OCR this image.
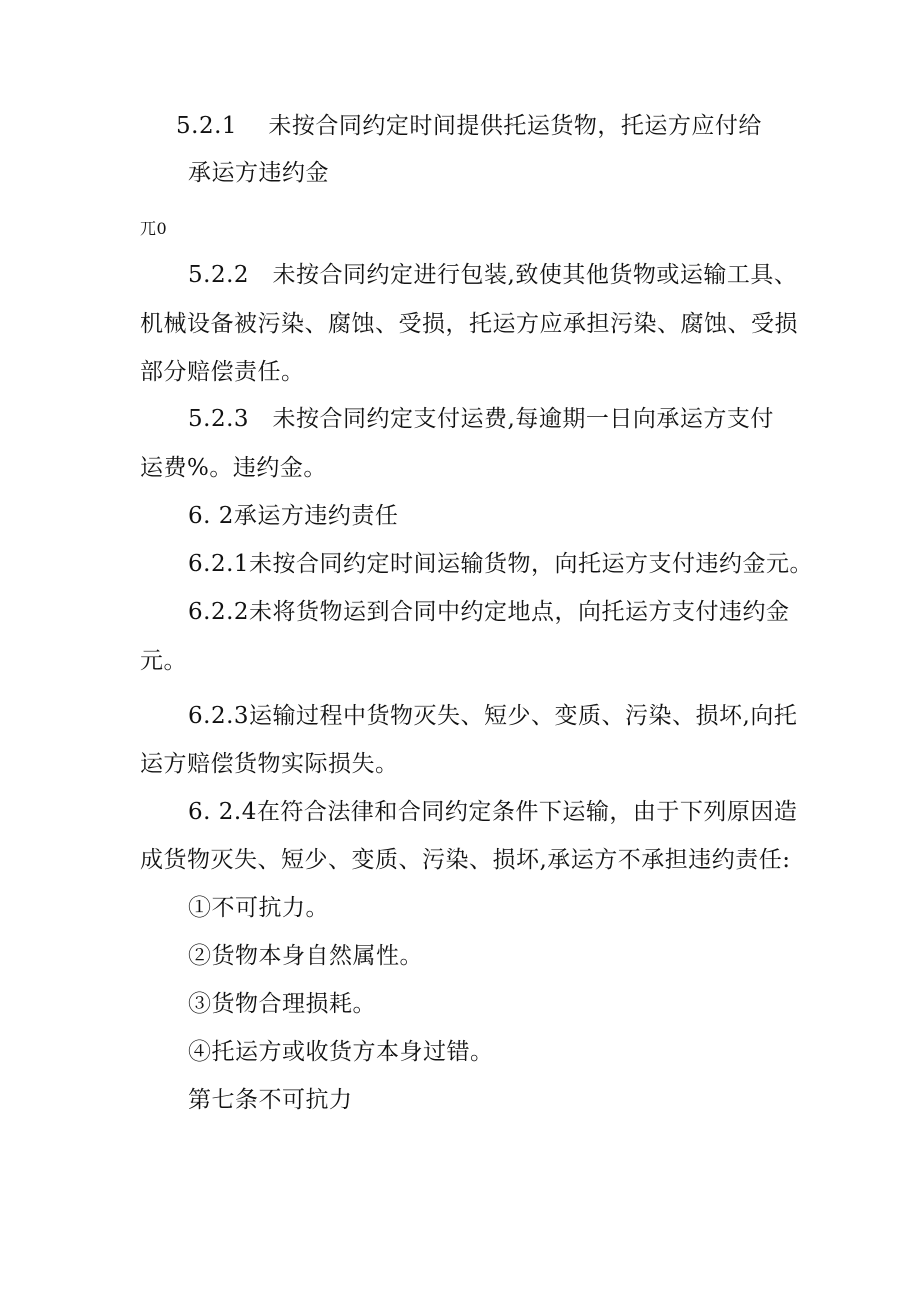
5.2.1　 未按合同约定时间提供托运货物，托运方应付给
承运方违约金
兀0
5.2.2　未按合同约定进行包装,致使其他货物或运输工具、
机械设备被污染、腐蚀、受损，托运方应承担污染、腐蚀、受损
部分赔偿责任。
5.2.3　未按合同约定支付运费,每逾期一日向承运方支付
运费%。违约金。
6. 2承运方违约责任
6.2.1未按合同约定时间运输货物，向托运方支付违约金元。
6.2.2未将货物运到合同中约定地点，向托运方支付违约金
元。
6.2.3运输过程中货物灭失、短少、变质、污染、损坏,向托
运方赔偿货物实际损失。
6. 2.4在符合法律和合同约定条件下运输，由于下列原因造
成货物灭失、短少、变质、污染、损坏,承运方不承担违约责任:
①不可抗力。
②货物本身自然属性。
③货物合理损耗。
④托运方或收货方本身过错。
第七条不可抗力
